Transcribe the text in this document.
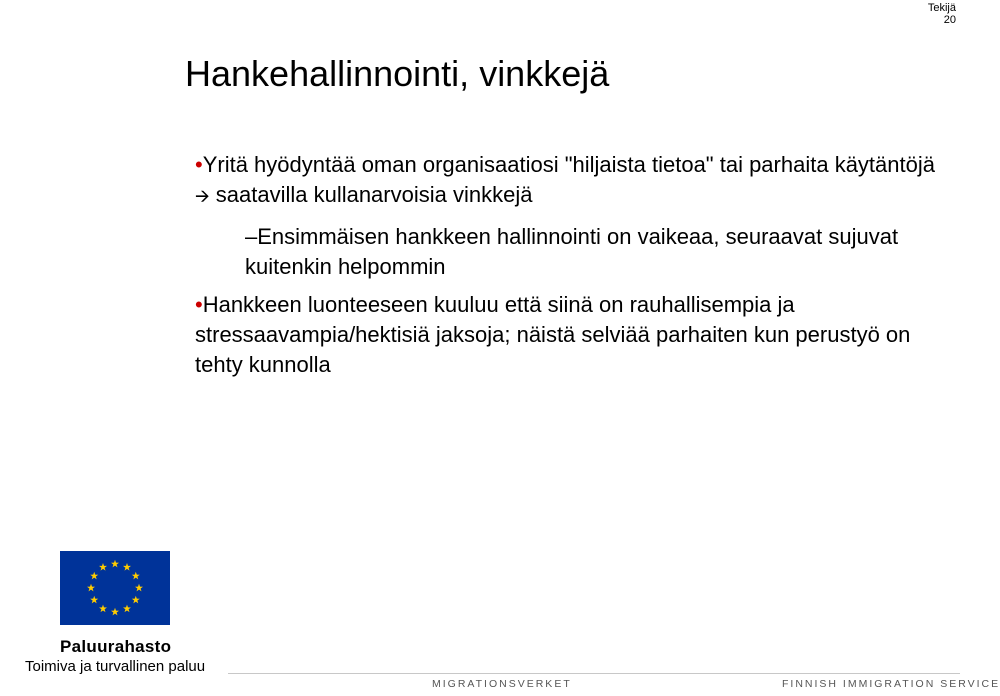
Tekijä
20
Hankehallinnointi, vinkkejä

•Yritä hyödyntää oman organisaatiosi "hiljaista tietoa" tai parhaita käytäntöjä 🡪 saatavilla kullanarvoisia vinkkejä

–Ensimmäisen hankkeen hallinnointi on vaikeaa, seuraavat sujuvat kuitenkin helpommin

•Hankkeen luonteeseen kuuluu että siinä on rauhallisempia ja stressaavampia/hektisiä jaksoja; näistä selviää parhaiten kun perustyö on tehty kunnolla

Paluurahasto
Toimiva ja turvallinen paluu
MIGRATIONSVERKET	FINNISH IMMIGRATION SERVICE
